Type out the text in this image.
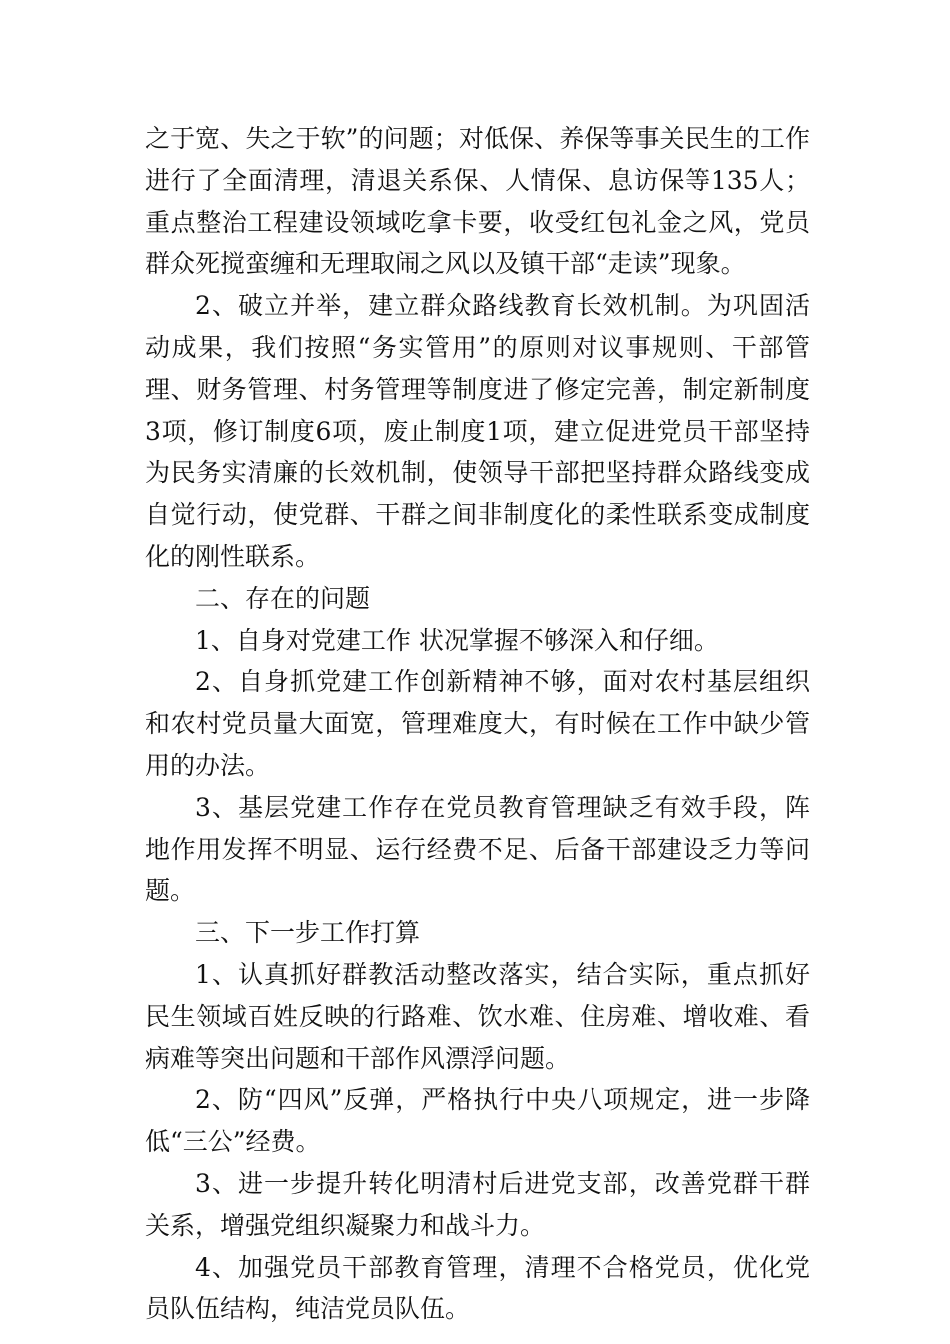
之于宽、失之于软”的问题；对低保、养保等事关民生的工作进行了全面清理，清退关系保、人情保、息访保等135人；重点整治工程建设领域吃拿卡要，收受红包礼金之风，党员群众死搅蛮缠和无理取闹之风以及镇干部“走读”现象。

2、破立并举，建立群众路线教育长效机制。为巩固活动成果，我们按照“务实管用”的原则对议事规则、干部管理、财务管理、村务管理等制度进了修定完善，制定新制度3项，修订制度6项，废止制度1项，建立促进党员干部坚持为民务实清廉的长效机制，使领导干部把坚持群众路线变成自觉行动，使党群、干群之间非制度化的柔性联系变成制度化的刚性联系。

二、存在的问题

1、自身对党建工作 状况掌握不够深入和仔细。

2、自身抓党建工作创新精神不够，面对农村基层组织和农村党员量大面宽，管理难度大，有时候在工作中缺少管用的办法。

3、基层党建工作存在党员教育管理缺乏有效手段，阵地作用发挥不明显、运行经费不足、后备干部建设乏力等问题。

三、下一步工作打算

1、认真抓好群教活动整改落实，结合实际，重点抓好民生领域百姓反映的行路难、饮水难、住房难、增收难、看病难等突出问题和干部作风漂浮问题。

2、防“四风”反弹，严格执行中央八项规定，进一步降低“三公”经费。

3、进一步提升转化明清村后进党支部，改善党群干群关系，增强党组织凝聚力和战斗力。

4、加强党员干部教育管理，清理不合格党员，优化党员队伍结构，纯洁党员队伍。
